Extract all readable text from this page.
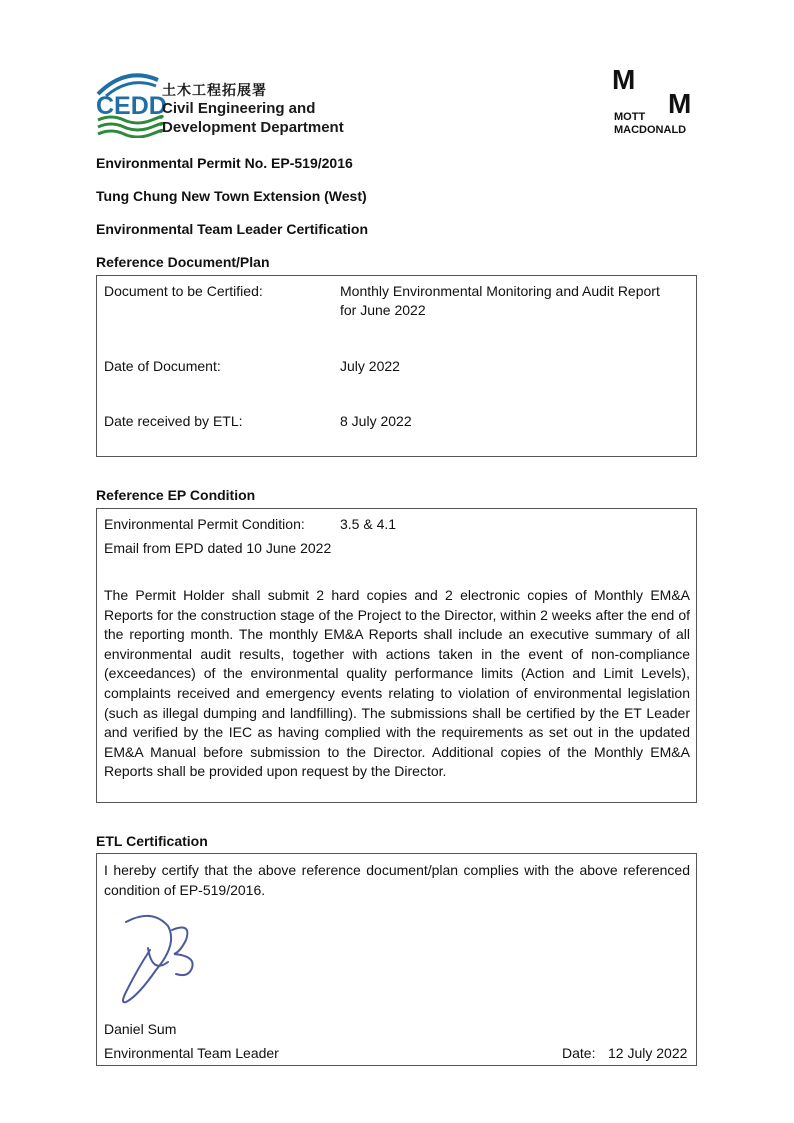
CEDD
土木工程拓展署
Civil Engineering and
Development Department
M
M
MOTT
MACDONALD
Environmental Permit No. EP-519/2016
Tung Chung New Town Extension (West)
Environmental Team Leader Certification
Reference Document/Plan
Document to be Certified:	Monthly Environmental Monitoring and Audit Report
for June 2022
Date of Document:	July 2022
Date received by ETL:	8 July 2022
Reference EP Condition
Environmental Permit Condition:	3.5 & 4.1
Email from EPD dated 10 June 2022
The Permit Holder shall submit 2 hard copies and 2 electronic copies of Monthly EM&A Reports for the construction stage of the Project to the Director, within 2 weeks after the end of the reporting month. The monthly EM&A Reports shall include an executive summary of all environmental audit results, together with actions taken in the event of non-compliance (exceedances) of the environmental quality performance limits (Action and Limit Levels), complaints received and emergency events relating to violation of environmental legislation (such as illegal dumping and landfilling). The submissions shall be certified by the ET Leader and verified by the IEC as having complied with the requirements as set out in the updated EM&A Manual before submission to the Director. Additional copies of the Monthly EM&A Reports shall be provided upon request by the Director.
ETL Certification
I hereby certify that the above reference document/plan complies with the above referenced condition of EP-519/2016.
Daniel Sum
Environmental Team Leader	Date: 12 July 2022
